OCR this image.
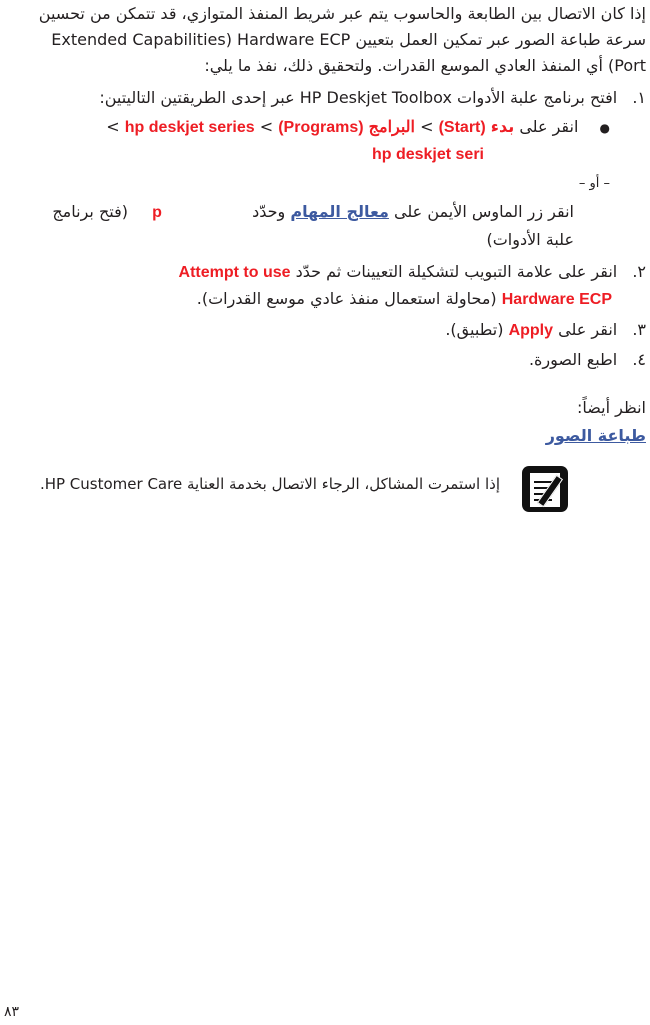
إذا كان الاتصال بين الطابعة والحاسوب يتم عبر شريط المنفذ المتوازي، قد تتمكن من تحسين
سرعة طباعة الصور عبر تمكين العمل بتعيين Extended Capabilities) Hardware ECP
Port) أي المنفذ العادي الموسع القدرات. ولتحقيق ذلك، نفذ ما يلي:
١. افتح برنامج علبة الأدوات HP Deskjet Toolbox عبر إحدى الطريقتين التاليتين:
● انقر على بدء (Start) > البرامج (Programs) > hp deskjet series >
hp deskjet seri
– أو –
انقر زر الماوس الأيمن على معالج المهام وحدّد  p  (فتح برنامج
علبة الأدوات)
٢. انقر على علامة التبويب لتشكيلة التعيينات ثم حدّد Attempt to use
Hardware ECP (محاولة استعمال منفذ عادي موسع القدرات).
٣. انقر على Apply (تطبيق).
٤. اطبع الصورة.
انظر أيضاً:
طباعة الصور
إذا استمرت المشاكل، الرجاء الاتصال بخدمة العناية HP Customer Care.
٨٣
